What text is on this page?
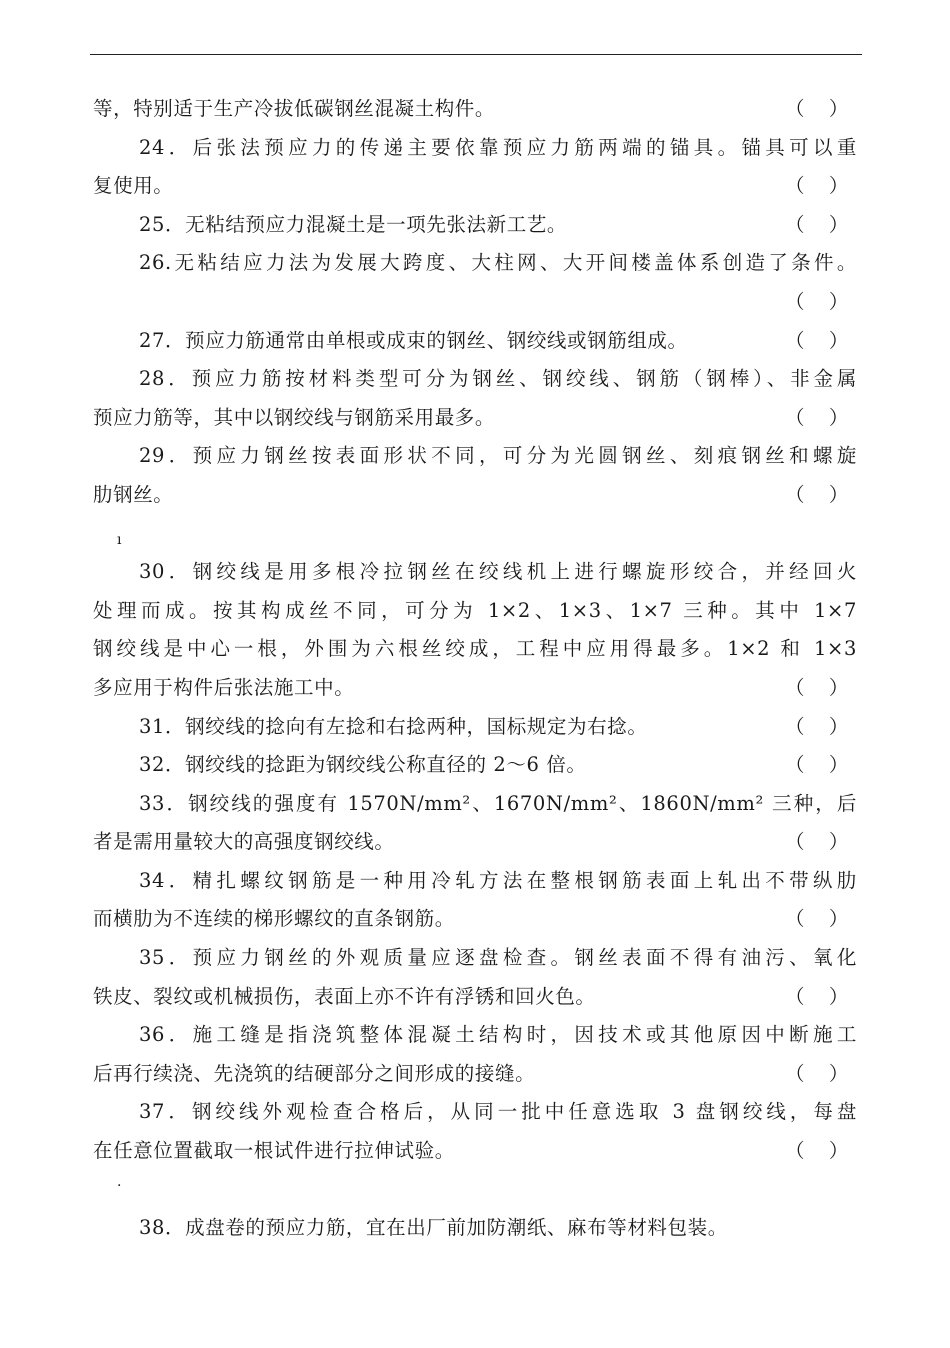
等，特别适于生产冷拔低碳钢丝混凝土构件。	（ ）
24．后张法预应力的传递主要依靠预应力筋两端的锚具。锚具可以重
复使用。	（ ）
25．无粘结预应力混凝土是一项先张法新工艺。	（ ）
26.无粘结应力法为发展大跨度、大柱网、大开间楼盖体系创造了条件。
（ ）
27．预应力筋通常由单根或成束的钢丝、钢绞线或钢筋组成。	（ ）
28．预应力筋按材料类型可分为钢丝、钢绞线、钢筋（钢棒）、非金属
预应力筋等，其中以钢绞线与钢筋采用最多。	（ ）
29．预应力钢丝按表面形状不同，可分为光圆钢丝、刻痕钢丝和螺旋
肋钢丝。	（ ）
ı
30．钢绞线是用多根冷拉钢丝在绞线机上进行螺旋形绞合，并经回火
处理而成。按其构成丝不同，可分为 1×2、1×3、1×7 三种。其中 1×7
钢绞线是中心一根，外围为六根丝绞成，工程中应用得最多。1×2 和 1×3
多应用于构件后张法施工中。	（ ）
31．钢绞线的捻向有左捻和右捻两种，国标规定为右捻。	（ ）
32．钢绞线的捻距为钢绞线公称直径的 2～6 倍。	（ ）
33．钢绞线的强度有 1570N/mm²、1670N/mm²、1860N/mm² 三种，后
者是需用量较大的高强度钢绞线。	（ ）
34．精扎螺纹钢筋是一种用冷轧方法在整根钢筋表面上轧出不带纵肋
而横肋为不连续的梯形螺纹的直条钢筋。	（ ）
35．预应力钢丝的外观质量应逐盘检查。钢丝表面不得有油污、氧化
铁皮、裂纹或机械损伤，表面上亦不许有浮锈和回火色。	（ ）
36．施工缝是指浇筑整体混凝土结构时，因技术或其他原因中断施工
后再行续浇、先浇筑的结硬部分之间形成的接缝。	（ ）
37．钢绞线外观检查合格后，从同一批中任意选取 3 盘钢绞线，每盘
在任意位置截取一根试件进行拉伸试验。	（ ）
·
38．成盘卷的预应力筋，宜在出厂前加防潮纸、麻布等材料包装。
